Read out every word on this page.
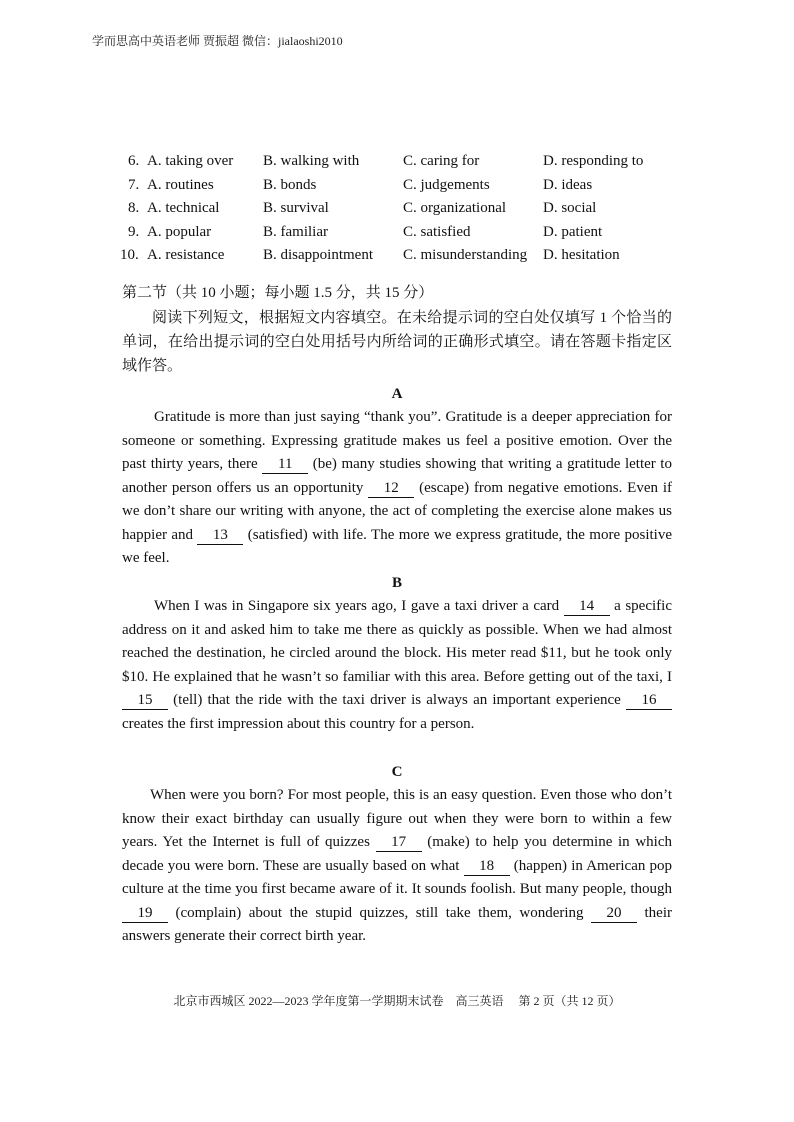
学而思高中英语老师 贾振超 微信：jialaoshi2010
6. A. taking over B. walking with	C. caring for	D. responding to
7. A. routines	B. bonds	C. judgements	D. ideas
8. A. technical	B. survival	C. organizational D. social
9. A. popular	B. familiar	C. satisfied	D. patient
10. A. resistance	B. disappointment C. misunderstanding D. hesitation
第二节（共 10 小题；每小题 1.5 分，共 15 分）
阅读下列短文，根据短文内容填空。在未给提示词的空白处仅填写 1 个恰当的单词，在给出提示词的空白处用括号内所给词的正确形式填空。请在答题卡指定区域作答。
A

Gratitude is more than just saying “thank you”. Gratitude is a deeper appreciation for someone or something. Expressing gratitude makes us feel a positive emotion. Over the past thirty years, there 11 (be) many studies showing that writing a gratitude letter to another person offers us an opportunity 12 (escape) from negative emotions. Even if we don’t share our writing with anyone, the act of completing the exercise alone makes us happier and 13 (satisfied) with life. The more we express gratitude, the more positive we feel.

B

When I was in Singapore six years ago, I gave a taxi driver a card 14 a specific address on it and asked him to take me there as quickly as possible. When we had almost reached the destination, he circled around the block. His meter read $11, but he took only $10. He explained that he wasn’t so familiar with this area. Before getting out of the taxi, I 15 (tell) that the ride with the taxi driver is always an important experience 16 creates the first impression about this country for a person.

C

When were you born? For most people, this is an easy question. Even those who don’t know their exact birthday can usually figure out when they were born to within a few years. Yet the Internet is full of quizzes 17 (make) to help you determine in which decade you were born. These are usually based on what 18 (happen) in American pop culture at the time you first became aware of it. It sounds foolish. But many people, though 19 (complain) about the stupid quizzes, still take them, wondering 20 their answers generate their correct birth year.

北京市西城区 2022—2023 学年度第一学期期末试卷　高三英语　 第 2 页（共 12 页）
